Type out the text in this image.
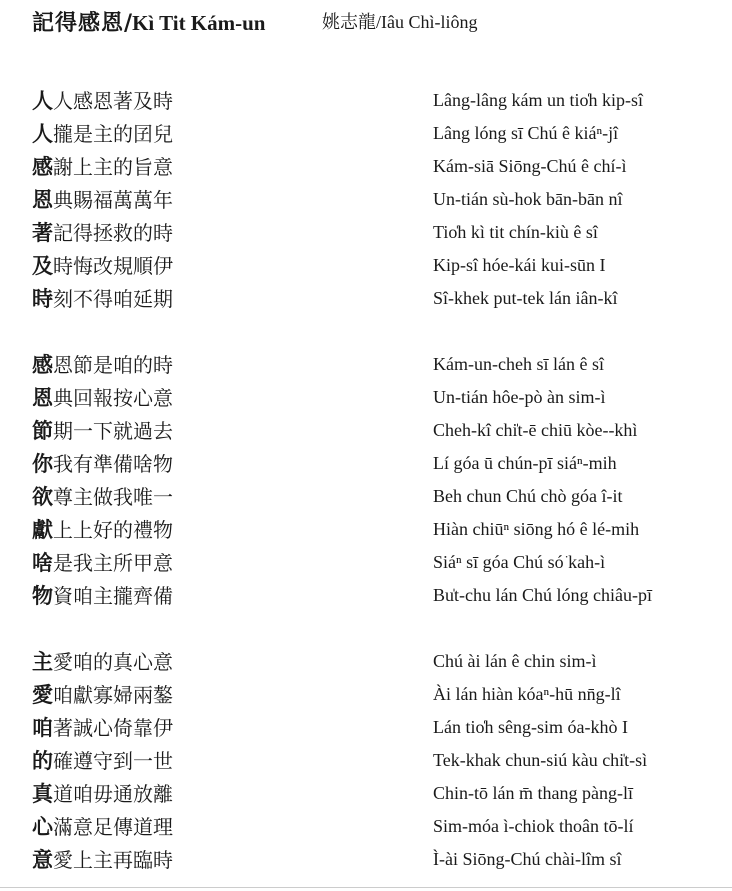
記得感恩/Kì Tit Kám-un	姚志龍/Iâu Chì-liông
人人感恩著及時	Lâng-lâng kám un tio̍h kip-sî
人攏是主的囝兒	Lâng lóng sī Chú ê kiáⁿ-jî
感謝上主的旨意	Kám-siā Siōng-Chú ê chí-ì
恩典賜福萬萬年	Un-tián sù-hok bān-bān nî
著記得拯救的時	Tio̍h kì tit chín-kiù ê sî
及時悔改規順伊	Kip-sî hóe-kái kui-sūn I
時刻不得咱延期	Sî-khek put-tek lán iân-kî
感恩節是咱的時	Kám-un-cheh sī lán ê sî
恩典回報按心意	Un-tián hôe-pò àn sim-ì
節期一下就過去	Cheh-kî chi̍t-ē chiū kòe--khì
你我有準備啥物	Lí góa ū chún-pī siáⁿ-mih
欲尊主做我唯一	Beh chun Chú chò góa î-it
獻上上好的禮物	Hiàn chiūⁿ siōng hó ê lé-mih
啥是我主所甲意	Siáⁿ sī góa Chú só͘ kah-ì
物資咱主攏齊備	Bu̍t-chu lán Chú lóng chiâu-pī
主愛咱的真心意	Chú ài lán ê chin sim-ì
愛咱獻寡婦兩鏊	Ài lán hiàn kóaⁿ-hū nn̄g-lî
咱著誠心倚靠伊	Lán tio̍h sêng-sim óa-khò I
的確遵守到一世	Tek-khak chun-siú kàu chi̍t-sì
真道咱毋通放離	Chin-tō lán m̄ thang pàng-lī
心滿意足傳道理	Sim-móa ì-chiok thoân tō-lí
意愛上主再臨時	Ì-ài Siōng-Chú chài-lîm sî
